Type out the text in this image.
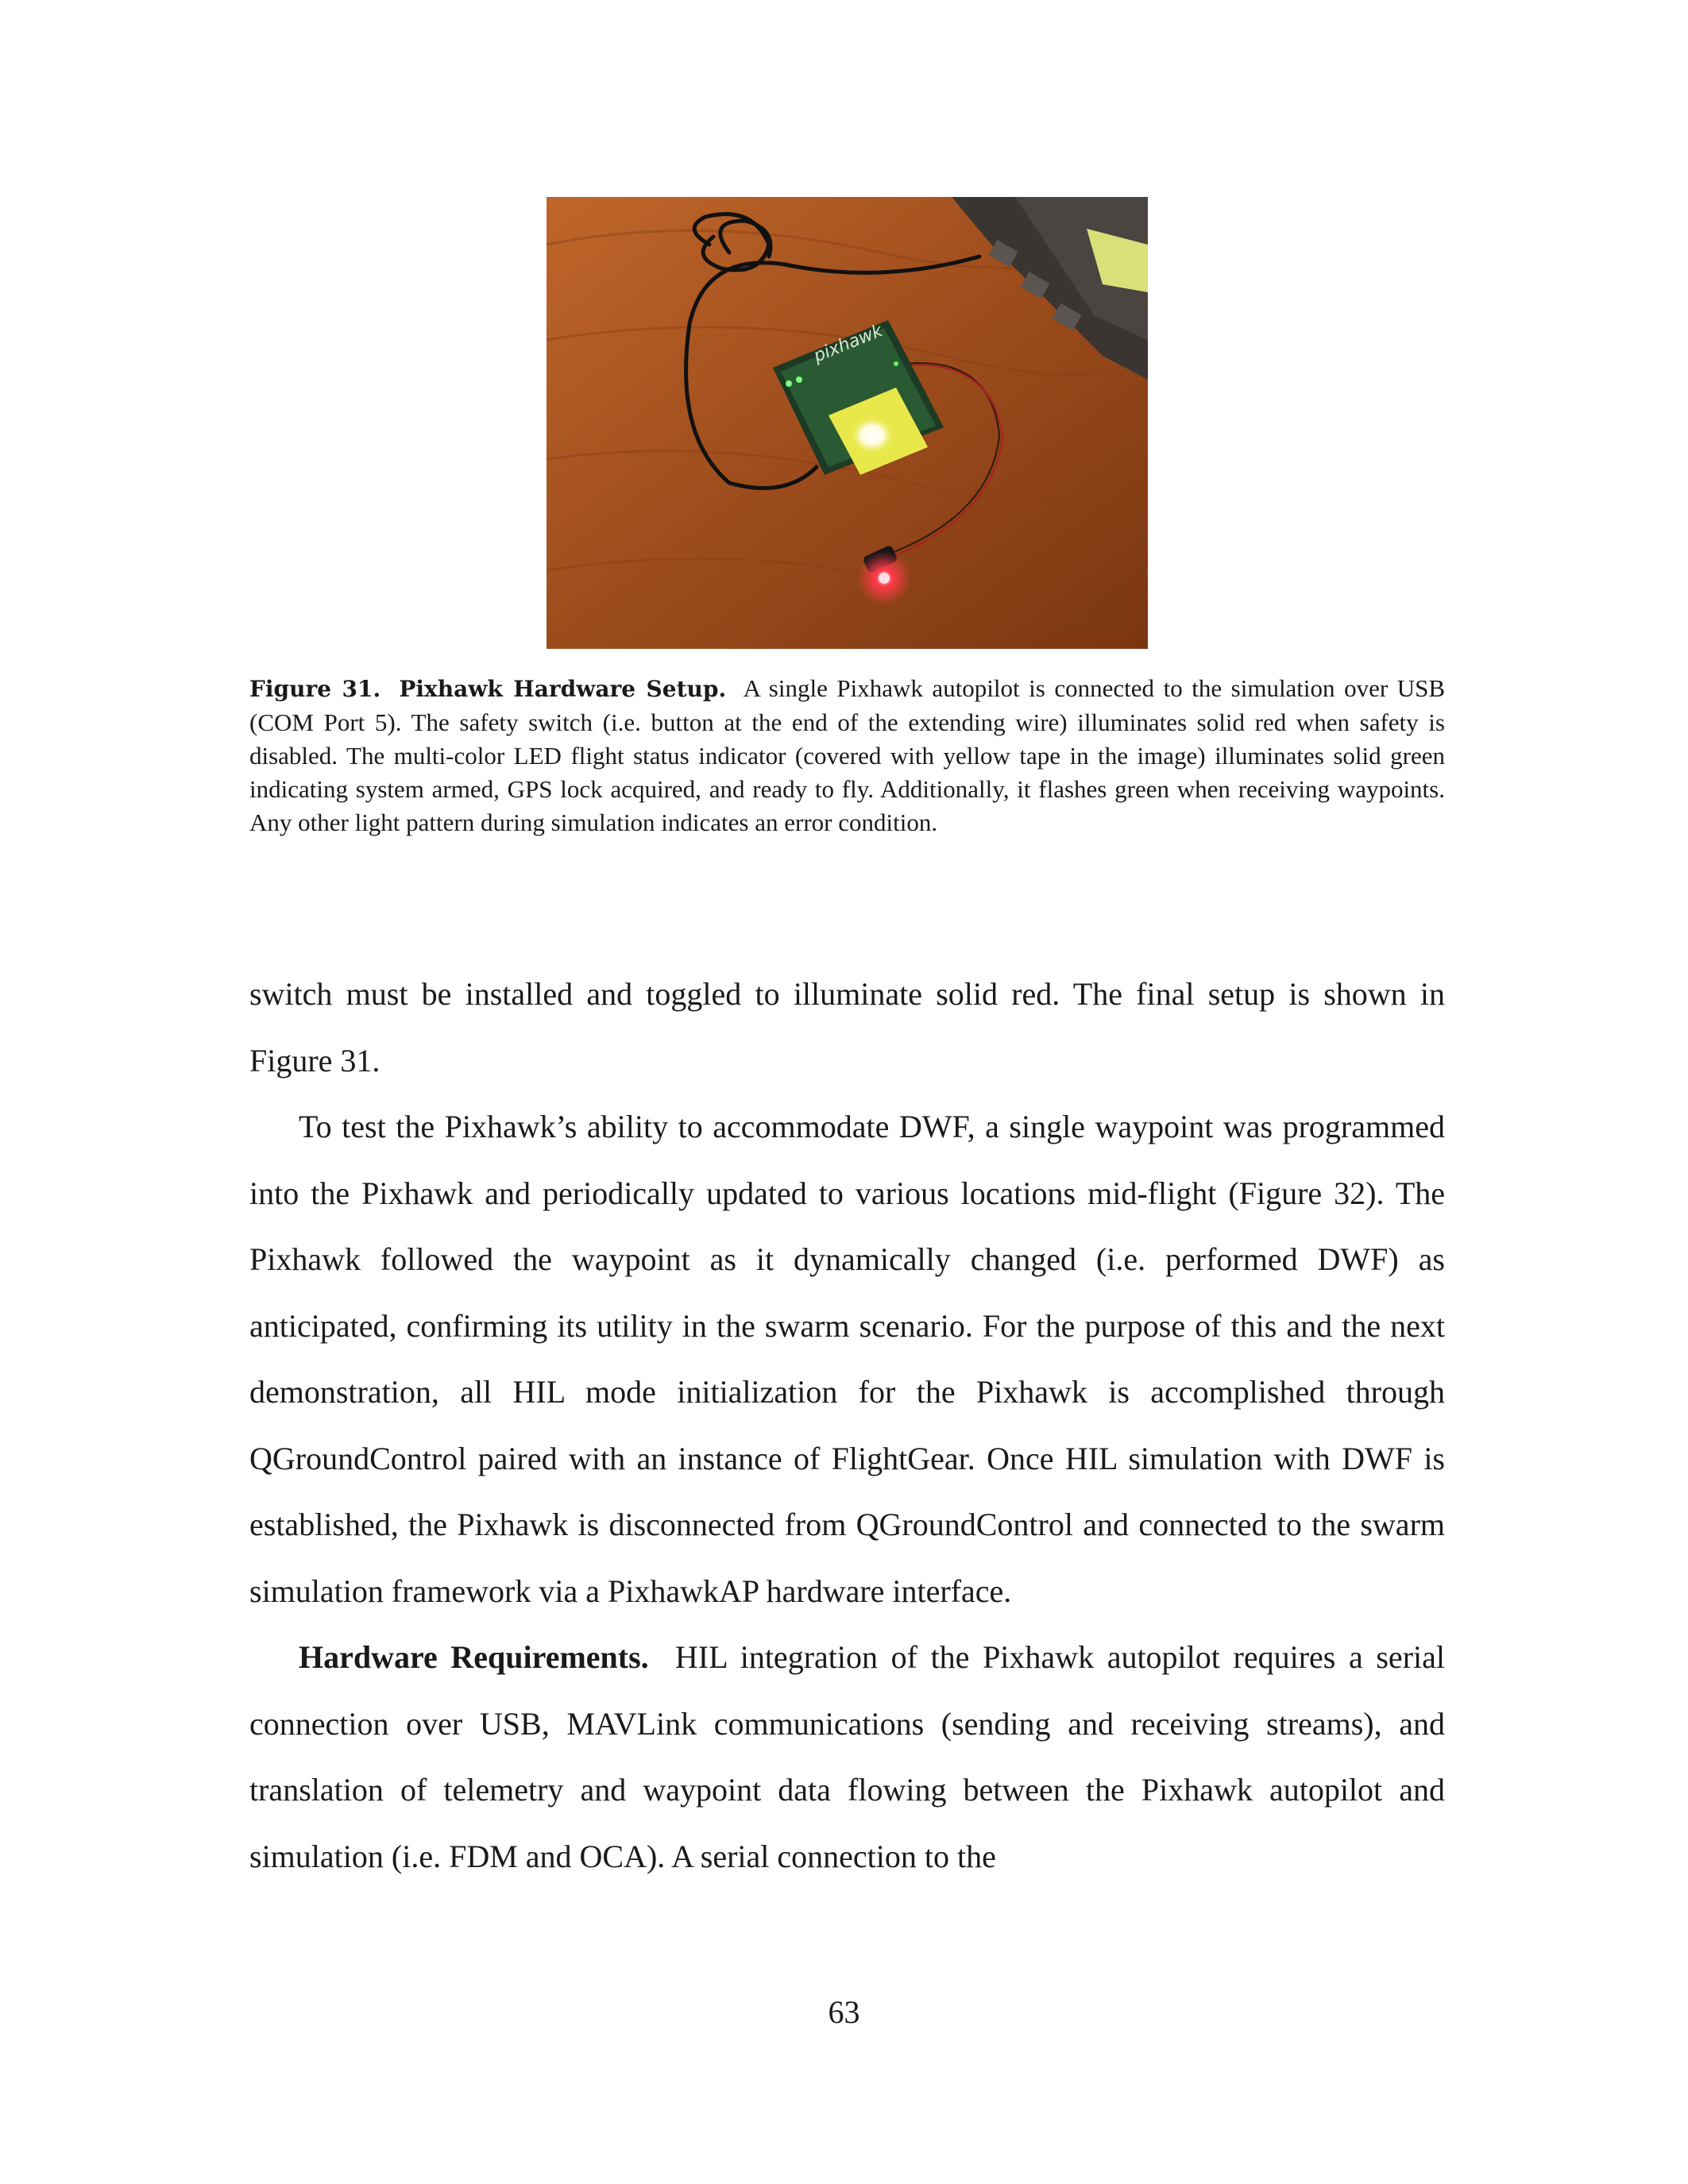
pixhawk
Figure 31. Pixhawk Hardware Setup. A single Pixhawk autopilot is connected to the simulation over USB (COM Port 5). The safety switch (i.e. button at the end of the extending wire) illuminates solid red when safety is disabled. The multi-color LED flight status indicator (covered with yellow tape in the image) illuminates solid green indicating system armed, GPS lock acquired, and ready to fly. Additionally, it flashes green when receiving waypoints. Any other light pattern during simulation indicates an error condition.

switch must be installed and toggled to illuminate solid red. The final setup is shown in Figure 31.

To test the Pixhawk’s ability to accommodate DWF, a single waypoint was programmed into the Pixhawk and periodically updated to various locations mid-flight (Figure 32). The Pixhawk followed the waypoint as it dynamically changed (i.e. performed DWF) as anticipated, confirming its utility in the swarm scenario. For the purpose of this and the next demonstration, all HIL mode initialization for the Pixhawk is accomplished through QGroundControl paired with an instance of FlightGear. Once HIL simulation with DWF is established, the Pixhawk is disconnected from QGroundControl and connected to the swarm simulation framework via a PixhawkAP hardware interface.

Hardware Requirements. HIL integration of the Pixhawk autopilot requires a serial connection over USB, MAVLink communications (sending and receiving streams), and translation of telemetry and waypoint data flowing between the Pixhawk autopilot and simulation (i.e. FDM and OCA). A serial connection to the

63
